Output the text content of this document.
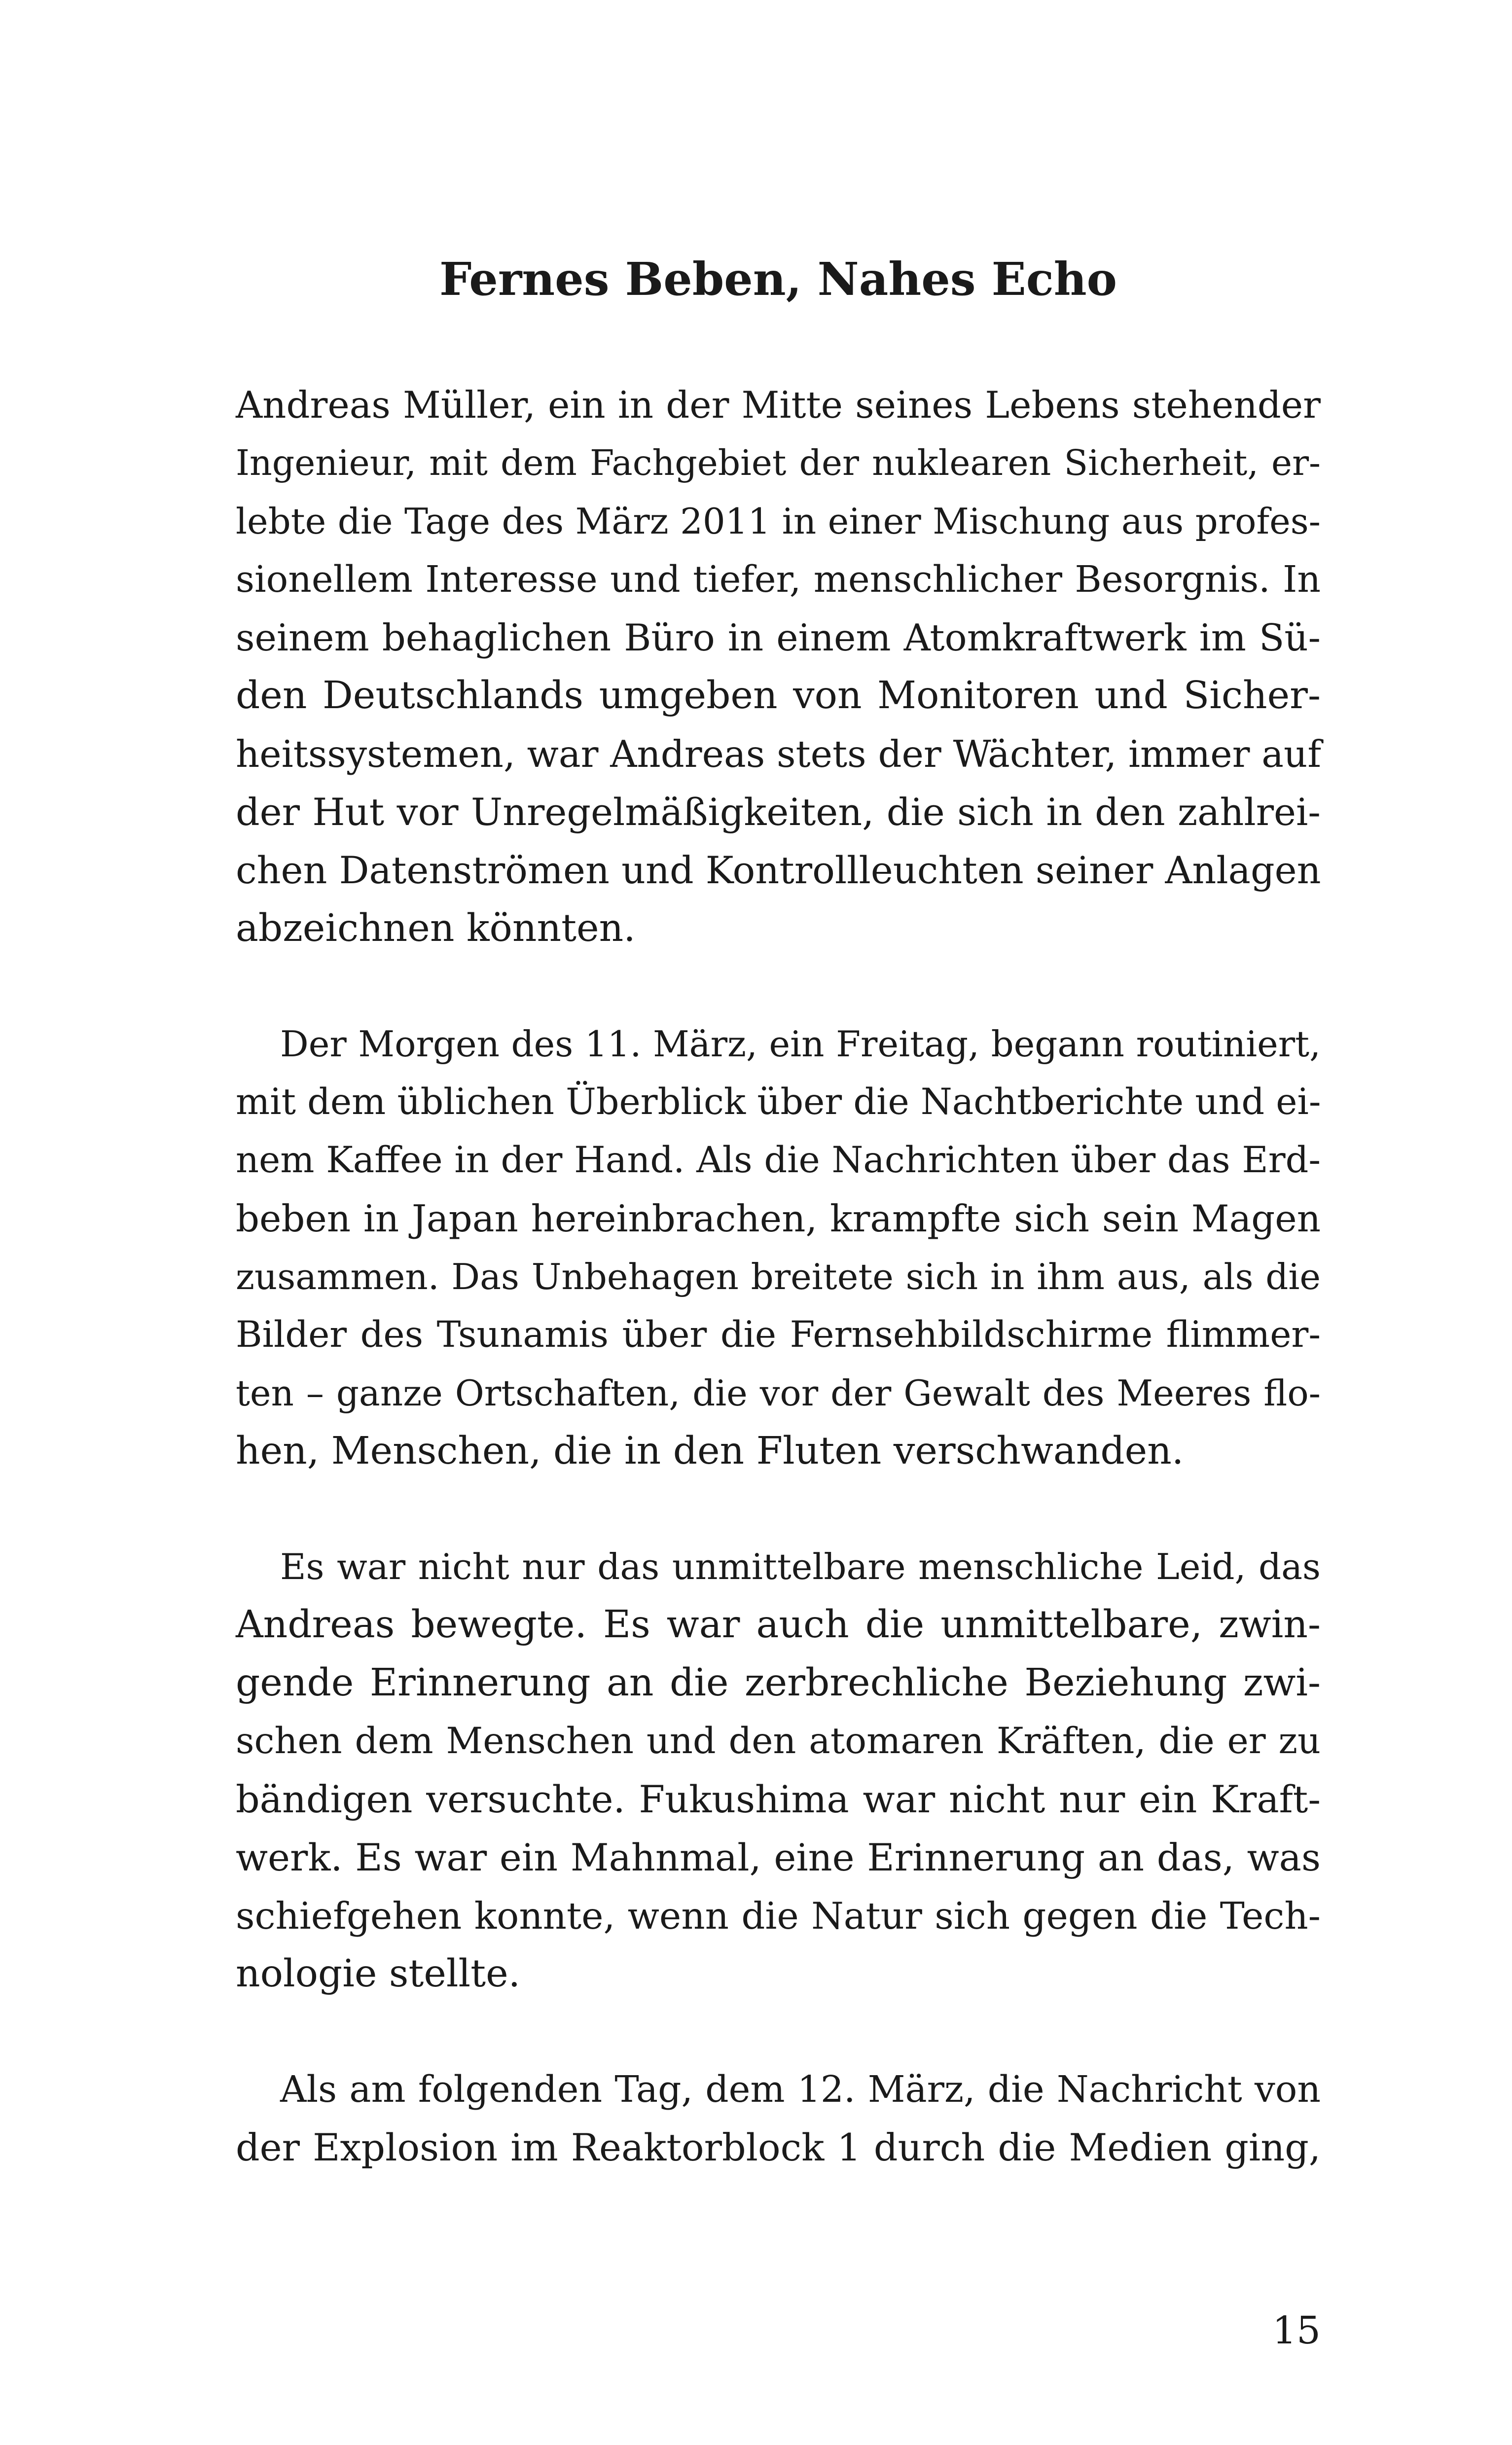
Fernes Beben, Nahes Echo
Andreas Müller, ein in der Mitte seines Lebens stehender
Ingenieur, mit dem Fachgebiet der nuklearen Sicherheit, er-
lebte die Tage des März 2011 in einer Mischung aus profes-
sionellem Interesse und tiefer, menschlicher Besorgnis. In
seinem behaglichen Büro in einem Atomkraftwerk im Sü-
den Deutschlands umgeben von Monitoren und Sicher-
heitssystemen, war Andreas stets der Wächter, immer auf
der Hut vor Unregelmäßigkeiten, die sich in den zahlrei-
chen Datenströmen und Kontrollleuchten seiner Anlagen
abzeichnen könnten.
Der Morgen des 11. März, ein Freitag, begann routiniert,
mit dem üblichen Überblick über die Nachtberichte und ei-
nem Kaffee in der Hand. Als die Nachrichten über das Erd-
beben in Japan hereinbrachen, krampfte sich sein Magen
zusammen. Das Unbehagen breitete sich in ihm aus, als die
Bilder des Tsunamis über die Fernsehbildschirme flimmer-
ten – ganze Ortschaften, die vor der Gewalt des Meeres flo-
hen, Menschen, die in den Fluten verschwanden.
Es war nicht nur das unmittelbare menschliche Leid, das
Andreas bewegte. Es war auch die unmittelbare, zwin-
gende Erinnerung an die zerbrechliche Beziehung zwi-
schen dem Menschen und den atomaren Kräften, die er zu
bändigen versuchte. Fukushima war nicht nur ein Kraft-
werk. Es war ein Mahnmal, eine Erinnerung an das, was
schiefgehen konnte, wenn die Natur sich gegen die Tech-
nologie stellte.
Als am folgenden Tag, dem 12. März, die Nachricht von
der Explosion im Reaktorblock 1 durch die Medien ging,
15
